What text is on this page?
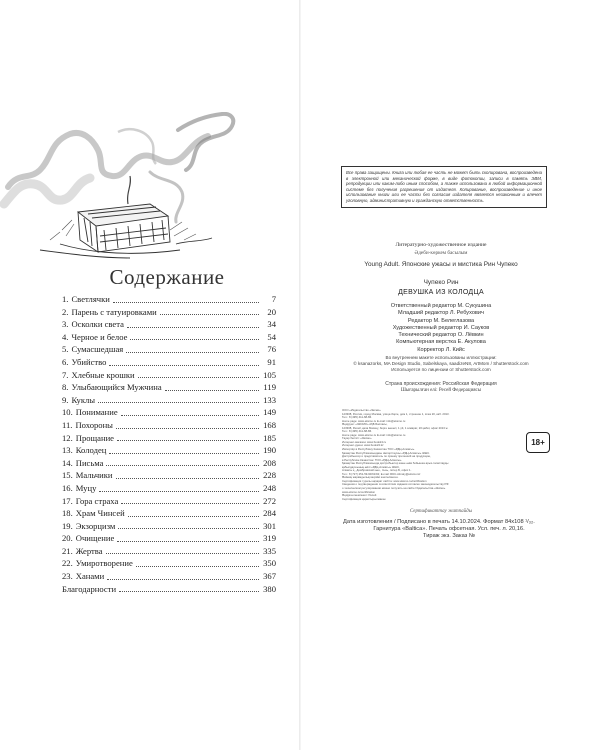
Содержание
1. Светлячки	7
2. Парень с татуировками	20
3. Осколки света	34
4. Черное и белое	54
5. Сумасшедшая	76
6. Убийство	91
7. Хлебные крошки	105
8. Улыбающийся Мужчина	119
9. Куклы	133
10. Понимание	149
11. Похороны	168
12. Прощание	185
13. Колодец	190
14. Письма	208
15. Мальчики	228
16. Муцу	248
17. Гора страха	272
18. Храм Чинсей	284
19. Экзорцизм	301
20. Очищение	319
21. Жертва	335
22. Умиротворение	350
23. Ханами	367
Благодарности	380
Все права защищены. Книга или любая ее часть не может быть скопирована, воспроизведена в электронной или механической форме, в виде фотокопии, записи в память ЭВМ, репродукции или каким-либо иным способом, а также использована в любой информационной системе без получения разрешения от издателя. Копирование, воспроизведение и иное использование книги или ее части без согласия издателя является незаконным и влечет уголовную, административную и гражданскую ответственность.
Литературно-художественное издание
Әдеби-көркем басылым
Young Adult. Японские ужасы и мистика Рин Чупеко
Чупеко Рин
ДЕВУШКА ИЗ КОЛОДЦА
Ответственный редактор М. Сукушина
Младший редактор Л. Ребухович
Редактор М. Белеглазова
Художественный редактор И. Сауков
Технический редактор О. Лёвкин
Компьютерная верстка Е. Акулова
Корректор Л. Кийс
Во внутреннем макете использованы иллюстрации:
© ksanazorks, MA Design Studio, Sabelskaya, saadizeN8, ArtMom / Shutterstock.com
Используется по лицензии от Shutterstock.com
Страна происхождения: Российская Федерация
Шығарылған елі: Ресей Федерациясы
ООО «Издательство «Эксмо»
123308, Россия, город Москва, улица Зорге, дом 1, строение 1, этаж 20, каб. 2013.
Тел.: 8 (495) 411-68-86.
Home page: www.eksmo.ru E-mail: info@eksmo.ru
Өндіруші: «ЭКСМО» АҚБ Баспасы,
123308, Ресей, қала Мәскеу, Зорге көшесі, 1 үй, 1 ғимарат, 20 қабат, офис 2013 ж.
Тел.: 8 (495) 411-68-86.
Home page: www.eksmo.ru E-mail: info@eksmo.ru.
Тауар белгісі: «Эксмо»
Интернет-магазин: www.book24.ru
Интернет-дүкен: www.book24.kz
Импортёр в Республику Казахстан ТОО «РДЦ-Алматы».
Қазақстан Республикасындағы импорттаушы «РДЦ-Алматы» ЖШС.
Дистрибьютор и представитель по приему претензий на продукцию,
в Республике Казахстан: ТОО «РДЦ-Алматы»
Қазақстан Республикасында дистрибьютор және өнім бойынша арыз-талаптарды
қабылдаушының өкілі «РДЦ-Алматы» ЖШС,
Алматы қ., Домбровский көш., 3«а», литер Б, офис 1.
Тел.: 8 (727) 251-59-90/91/92; E-mail: RDC-Almaty@eksmo.kz
Өнімнің жарамдылық мерзімі шектелмеген.
Сертификация туралы ақпарат сайтта: www.eksmo.ru/certification
Сведения о подтверждении соответствия издания согласно законодательству РФ
о техническом регулировании можно получить на сайте Издательства «Эксмо»
www.eksmo.ru/certification
Өндірген мемлекет: Ресей
Сертификация қарастырылмаған
18+
Сертификаттау жатпайды
Дата изготовления / Подписано в печать 14.10.2024. Формат 84х108 ¹/₃₂.
Гарнитура «Baltica». Печать офсетная. Усл. печ. л. 20,16.
Тираж экз. Заказ №
